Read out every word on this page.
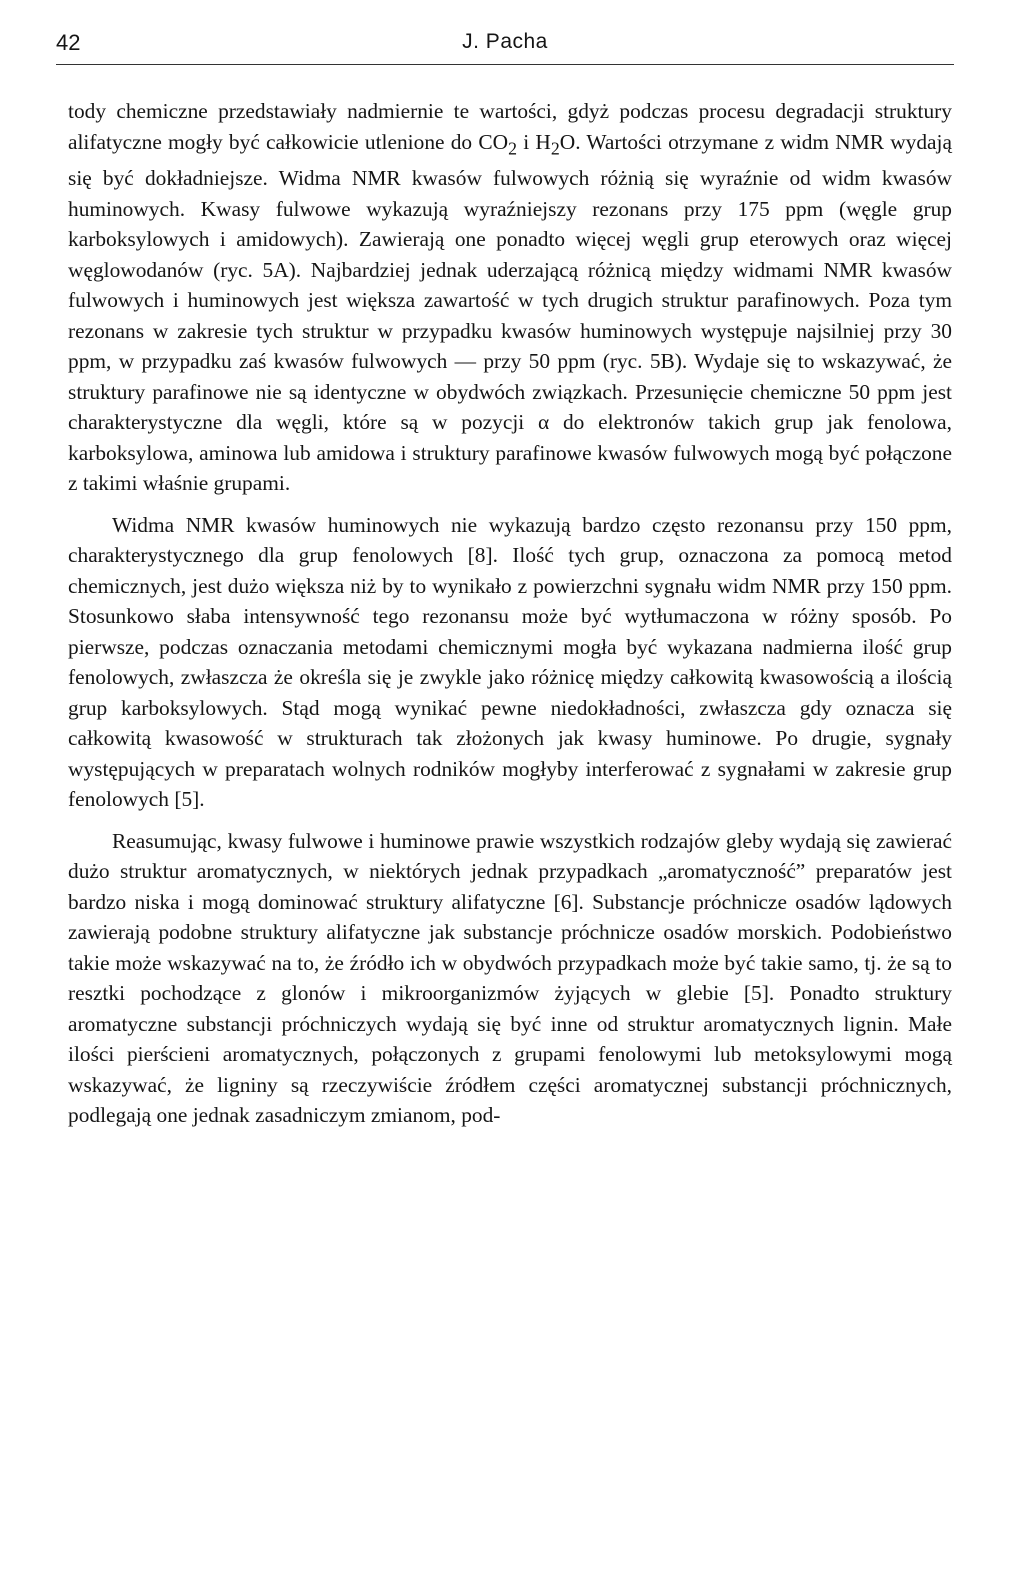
42	J. Pacha

tody chemiczne przedstawiały nadmiernie te wartości, gdyż podczas procesu degradacji struktury alifatyczne mogły być całkowicie utlenione do $CO_2$ i $H_2O$. Wartości otrzymane z widm NMR wydają się być dokładniejsze. Widma NMR kwasów fulwowych różnią się wyraźnie od widm kwasów huminowych. Kwasy fulwowe wykazują wyraźniejszy rezonans przy 175 ppm (węgle grup karboksylowych i amidowych). Zawierają one ponadto więcej węgli grup eterowych oraz więcej węglowodanów (ryc. 5A). Najbardziej jednak uderzającą różnicą między widmami NMR kwasów fulwowych i huminowych jest większa zawartość w tych drugich struktur parafinowych. Poza tym rezonans w zakresie tych struktur w przypadku kwasów huminowych występuje najsilniej przy 30 ppm, w przypadku zaś kwasów fulwowych — przy 50 ppm (ryc. 5B). Wydaje się to wskazywać, że struktury parafinowe nie są identyczne w obydwóch związkach. Przesunięcie chemiczne 50 ppm jest charakterystyczne dla węgli, które są w pozycji α do elektronów takich grup jak fenolowa, karboksylowa, aminowa lub amidowa i struktury parafinowe kwasów fulwowych mogą być połączone z takimi właśnie grupami.

Widma NMR kwasów huminowych nie wykazują bardzo często rezonansu przy 150 ppm, charakterystycznego dla grup fenolowych [8]. Ilość tych grup, oznaczona za pomocą metod chemicznych, jest dużo większa niż by to wynikało z powierzchni sygnału widm NMR przy 150 ppm. Stosunkowo słaba intensywność tego rezonansu może być wytłumaczona w różny sposób. Po pierwsze, podczas oznaczania metodami chemicznymi mogła być wykazana nadmierna ilość grup fenolowych, zwłaszcza że określa się je zwykle jako różnicę między całkowitą kwasowością a ilością grup karboksylowych. Stąd mogą wynikać pewne niedokładności, zwłaszcza gdy oznacza się całkowitą kwasowość w strukturach tak złożonych jak kwasy huminowe. Po drugie, sygnały występujących w preparatach wolnych rodników mogłyby interferować z sygnałami w zakresie grup fenolowych [5].

Reasumując, kwasy fulwowe i huminowe prawie wszystkich rodzajów gleby wydają się zawierać dużo struktur aromatycznych, w niektórych jednak przypadkach „aromatyczność” preparatów jest bardzo niska i mogą dominować struktury alifatyczne [6]. Substancje próchnicze osadów lądowych zawierają podobne struktury alifatyczne jak substancje próchnicze osadów morskich. Podobieństwo takie może wskazywać na to, że źródło ich w obydwóch przypadkach może być takie samo, tj. że są to resztki pochodzące z glonów i mikroorganizmów żyjących w glebie [5]. Ponadto struktury aromatyczne substancji próchniczych wydają się być inne od struktur aromatycznych lignin. Małe ilości pierścieni aromatycznych, połączonych z grupami fenolowymi lub metoksylowymi mogą wskazywać, że ligniny są rzeczywiście źródłem części aromatycznej substancji próchnicznych, podlegają one jednak zasadniczym zmianom, pod-
